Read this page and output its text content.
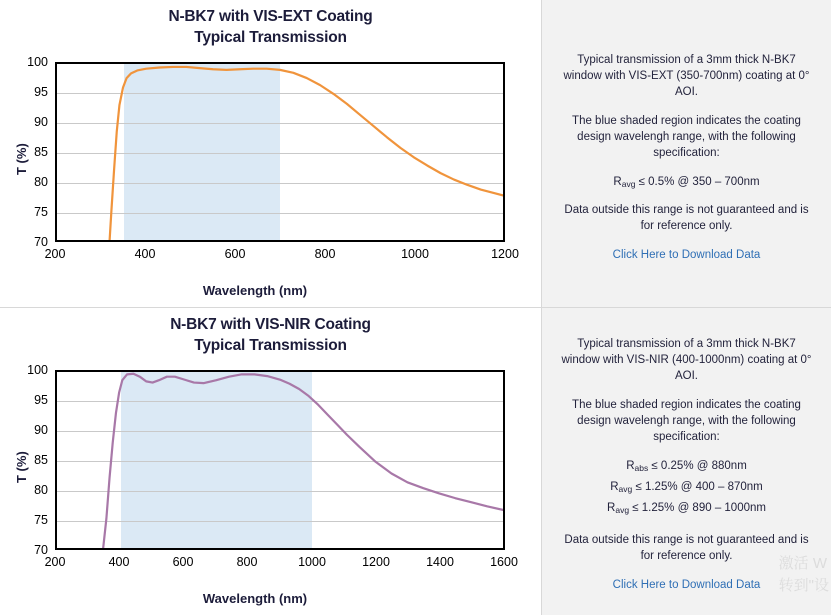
N-BK7 with VIS-EXT Coating
Typical Transmission
100
95
90
85
80
75
70
200	400	600	800	1000	1200
Wavelength (nm)
T (%)

Typical transmission of a 3mm thick N-BK7 window with VIS-EXT (350-700nm) coating at 0° AOI.

The blue shaded region indicates the coating design wavelengh range, with the following specification:

$R_{avg} \le 0.5\%$ @ 350 – 700nm

Data outside this range is not guaranteed and is for reference only.

Click Here to Download Data
N-BK7 with VIS-NIR Coating
Typical Transmission
100
95
90
85
80
75
70
200	400	600	800	1000	1200	1400	1600
Wavelength (nm)
T (%)

Typical transmission of a 3mm thick N-BK7 window with VIS-NIR (400-1000nm) coating at 0° AOI.

The blue shaded region indicates the coating design wavelengh range, with the following specification:

$R_{abs} \le 0.25\%$ @ 880nm

$R_{avg} \le 1.25\%$ @ 400 – 870nm

$R_{avg} \le 1.25\%$ @ 890 – 1000nm

Data outside this range is not guaranteed and is for reference only.

Click Here to Download Data
激活 W
转到"设
